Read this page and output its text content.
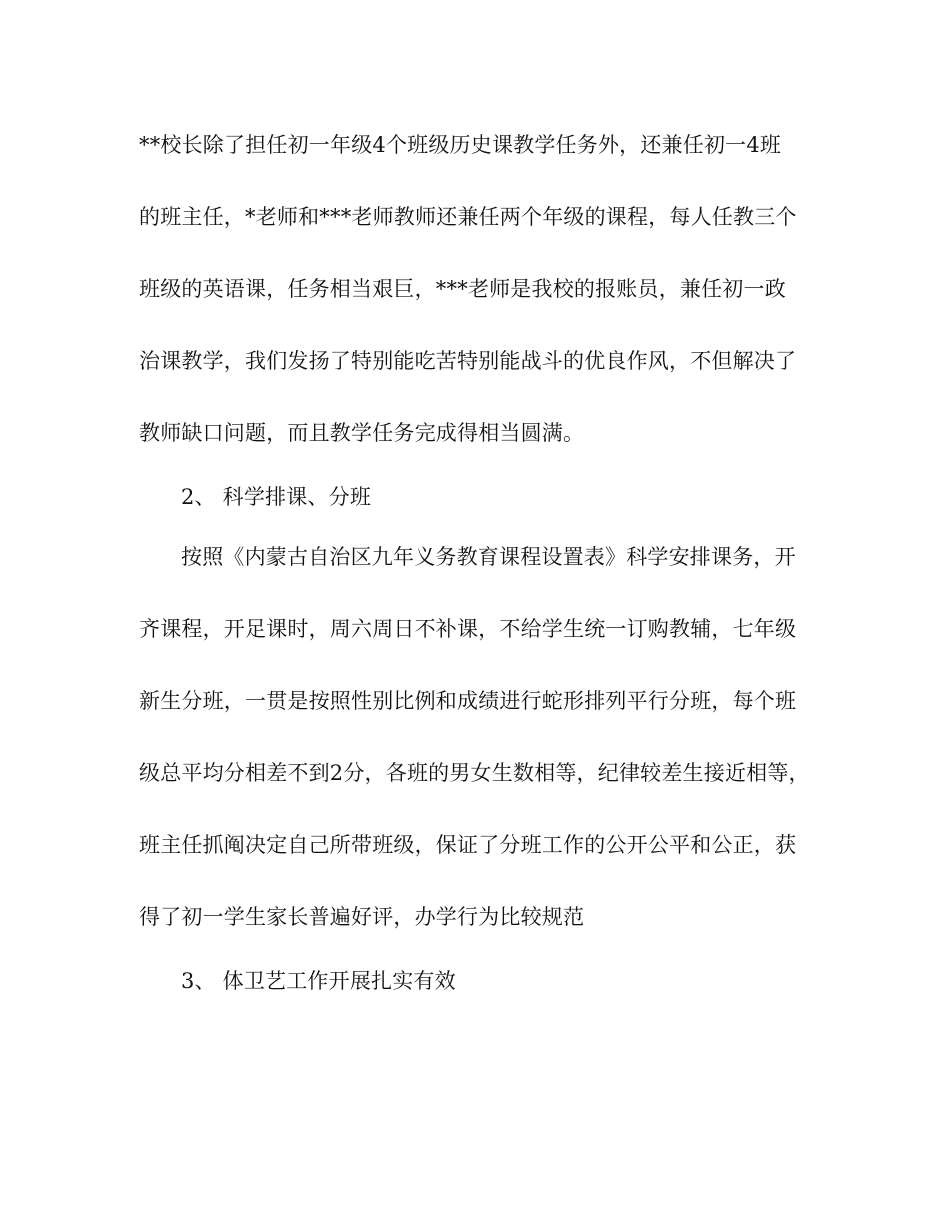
**校长除了担任初一年级4个班级历史课教学任务外，还兼任初一4班
的班主任，*老师和***老师教师还兼任两个年级的课程，每人任教三个
班级的英语课，任务相当艰巨，***老师是我校的报账员，兼任初一政
治课教学，我们发扬了特别能吃苦特别能战斗的优良作风，不但解决了
教师缺口问题，而且教学任务完成得相当圆满。
2、 科学排课、分班
按照《内蒙古自治区九年义务教育课程设置表》科学安排课务，开
齐课程，开足课时，周六周日不补课，不给学生统一订购教辅，七年级
新生分班，一贯是按照性别比例和成绩进行蛇形排列平行分班，每个班
级总平均分相差不到2分，各班的男女生数相等，纪律较差生接近相等，
班主任抓阄决定自己所带班级，保证了分班工作的公开公平和公正，获
得了初一学生家长普遍好评，办学行为比较规范
3、 体卫艺工作开展扎实有效
